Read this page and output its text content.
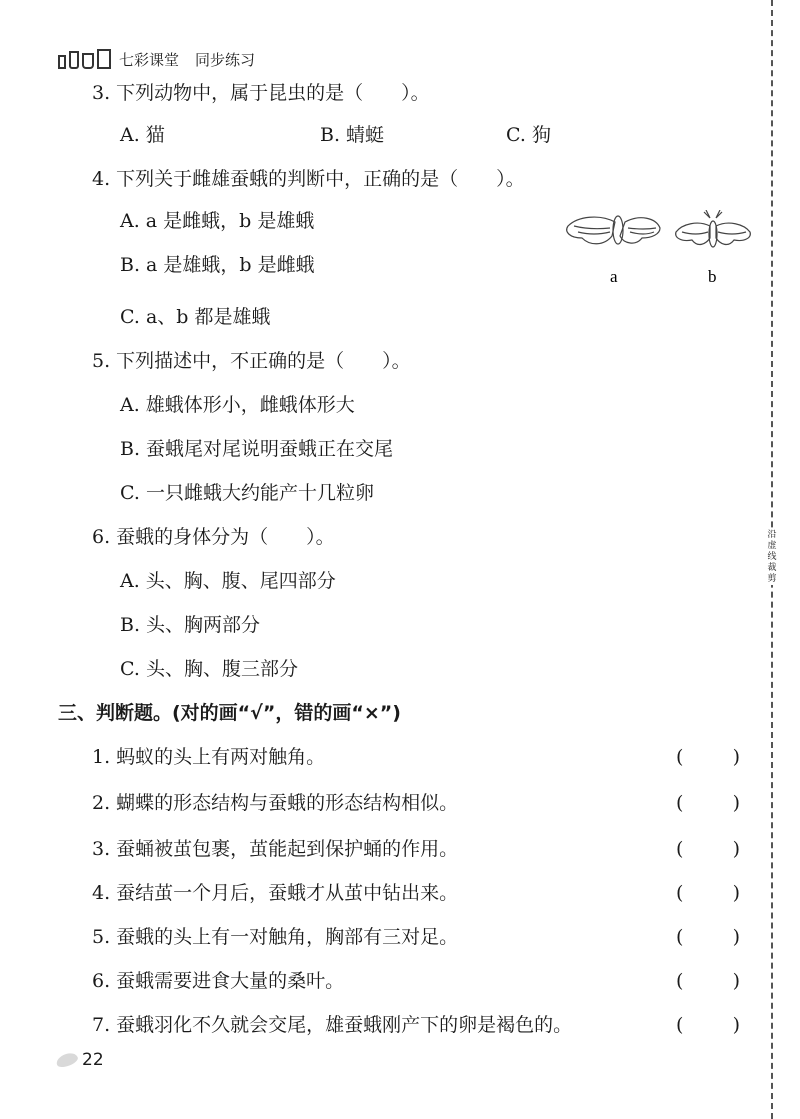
七彩课堂 同步练习
3. 下列动物中，属于昆虫的是（　　）。
A. 猫	B. 蜻蜓	C. 狗
4. 下列关于雌雄蚕蛾的判断中，正确的是（　　）。
A. a 是雌蛾，b 是雄蛾
B. a 是雄蛾，b 是雌蛾
C. a、b 都是雄蛾
a	b
5. 下列描述中，不正确的是（　　）。
A. 雄蛾体形小，雌蛾体形大
B. 蚕蛾尾对尾说明蚕蛾正在交尾
C. 一只雌蛾大约能产十几粒卵
6. 蚕蛾的身体分为（　　）。
A. 头、胸、腹、尾四部分
B. 头、胸两部分
C. 头、胸、腹三部分
三、判断题。(对的画“√”，错的画“×”)
1. 蚂蚁的头上有两对触角。	(	)
2. 蝴蝶的形态结构与蚕蛾的形态结构相似。	(	)
3. 蚕蛹被茧包裹，茧能起到保护蛹的作用。	(	)
4. 蚕结茧一个月后，蚕蛾才从茧中钻出来。	(	)
5. 蚕蛾的头上有一对触角，胸部有三对足。	(	)
6. 蚕蛾需要进食大量的桑叶。	(	)
7. 蚕蛾羽化不久就会交尾，雄蚕蛾刚产下的卵是褐色的。	(	)
沿虚线裁剪
22
